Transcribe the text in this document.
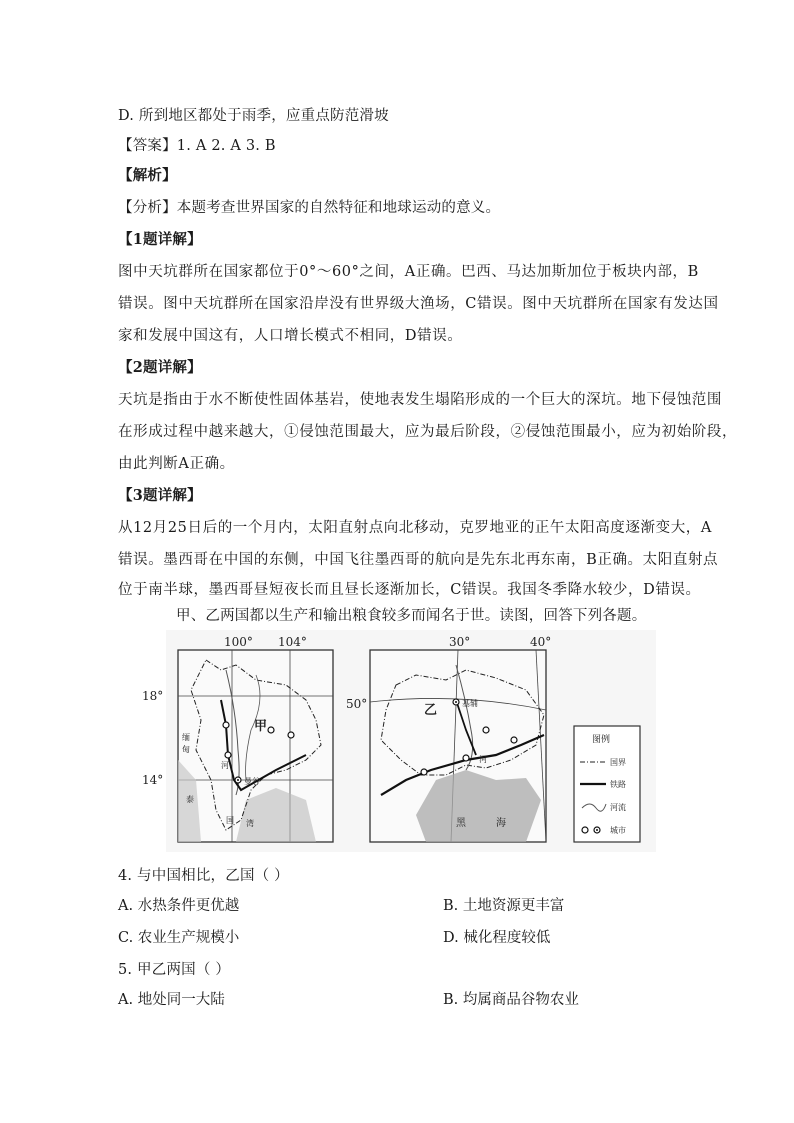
D. 所到地区都处于雨季，应重点防范滑坡
【答案】1. A 2. A 3. B
【解析】
【分析】本题考查世界国家的自然特征和地球运动的意义。
【1题详解】
图中天坑群所在国家都位于0°～60°之间，A正确。巴西、马达加斯加位于板块内部，B
错误。图中天坑群所在国家沿岸没有世界级大渔场，C错误。图中天坑群所在国家有发达国
家和发展中国这有，人口增长模式不相同，D错误。
【2题详解】
天坑是指由于水不断使性固体基岩，使地表发生塌陷形成的一个巨大的深坑。地下侵蚀范围
在形成过程中越来越大，①侵蚀范围最大，应为最后阶段，②侵蚀范围最小，应为初始阶段，
由此判断A正确。
【3题详解】
从12月25日后的一个月内，太阳直射点向北移动，克罗地亚的正午太阳高度逐渐变大，A
错误。墨西哥在中国的东侧，中国飞往墨西哥的航向是先东北再东南，B正确。太阳直射点
位于南半球，墨西哥昼短夜长而且昼长逐渐加长，C错误。我国冬季降水较少，D错误。
甲、乙两国都以生产和输出粮食较多而闻名于世。读图，回答下列各题。
100° 104°
18°
14°
甲
曼谷
河
缅
甸
泰
国 湾
30°	40°
50°	乙	基辅
河
黑	海
图例
国界
铁路
河流
城市
4. 与中国相比，乙国（ ）
A. 水热条件更优越	B. 土地资源更丰富
C. 农业生产规模小	D. 械化程度较低
5. 甲乙两国（ ）
A. 地处同一大陆	B. 均属商品谷物农业
